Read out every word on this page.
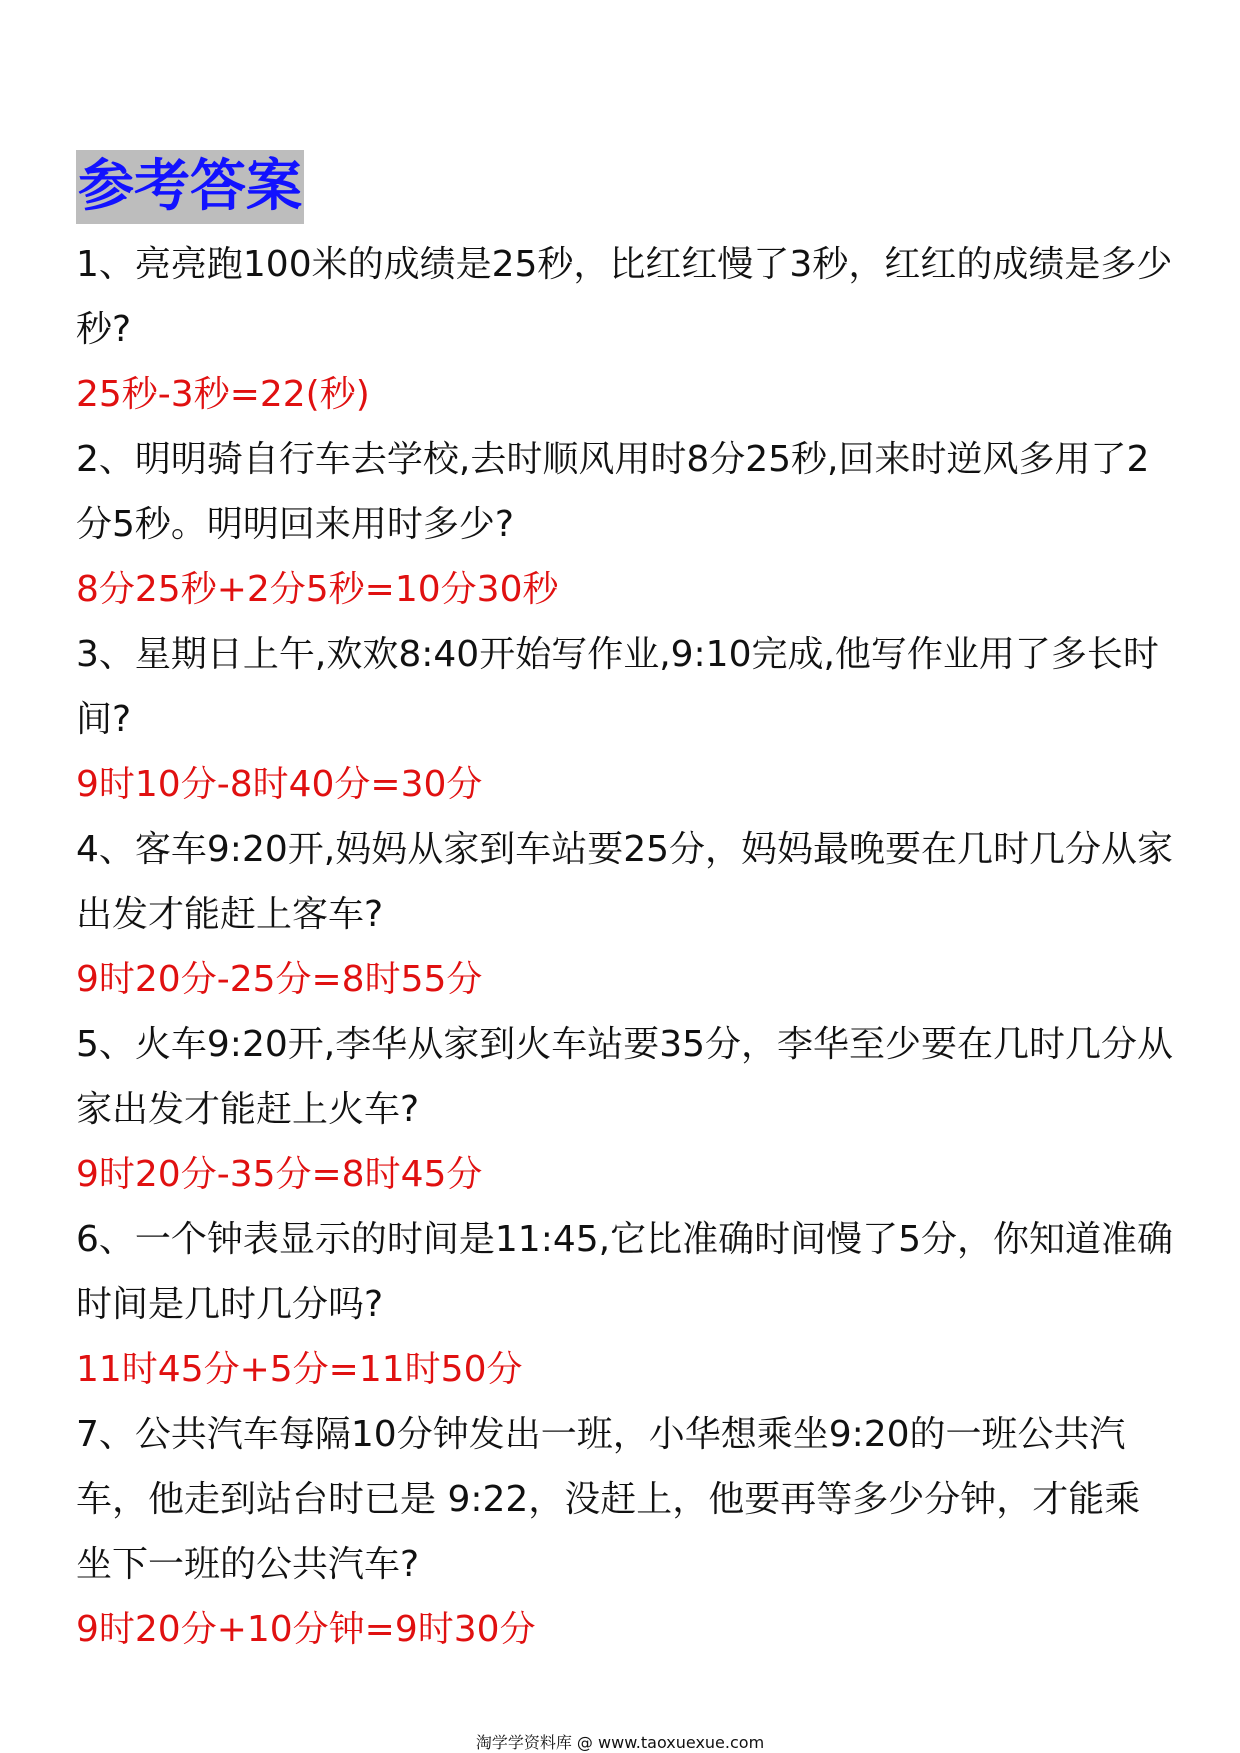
参考答案

1、亮亮跑100米的成绩是25秒，比红红慢了3秒，红红的成绩是多少秒?

25秒-3秒=22(秒)

2、明明骑自行车去学校,去时顺风用时8分25秒,回来时逆风多用了2分5秒。明明回来用时多少?

8分25秒+2分5秒=10分30秒

3、星期日上午,欢欢8:40开始写作业,9:10完成,他写作业用了多长时间?

9时10分-8时40分=30分

4、客车9:20开,妈妈从家到车站要25分，妈妈最晚要在几时几分从家出发才能赶上客车?

9时20分-25分=8时55分

5、火车9:20开,李华从家到火车站要35分，李华至少要在几时几分从家出发才能赶上火车?

9时20分-35分=8时45分

6、一个钟表显示的时间是11:45,它比准确时间慢了5分，你知道准确时间是几时几分吗?

11时45分+5分=11时50分

7、公共汽车每隔10分钟发出一班，小华想乘坐9:20的一班公共汽车，他走到站台时已是 9:22，没赶上，他要再等多少分钟，才能乘坐下一班的公共汽车?

9时20分+10分钟=9时30分

淘学学资料库 @ www.taoxuexue.com
